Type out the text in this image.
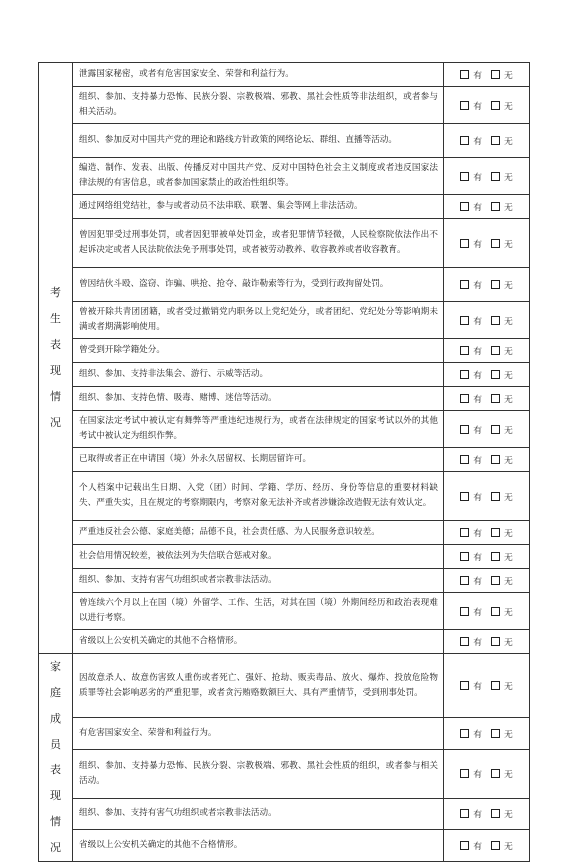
考生表现情况	泄露国家秘密，或者有危害国家安全、荣誉和利益行为。	有 无
	组织、参加、支持暴力恐怖、民族分裂、宗教极端、邪教、黑社会性质等非法组织，或者参与相关活动。	有 无
	组织、参加反对中国共产党的理论和路线方针政策的网络论坛、群组、直播等活动。	有 无
	编造、制作、发表、出版、传播反对中国共产党、反对中国特色社会主义制度或者违反国家法律法规的有害信息，或者参加国家禁止的政治性组织等。	有 无
	通过网络组党结社，参与或者动员不法串联、联署、集会等网上非法活动。	有 无
	曾因犯罪受过刑事处罚，或者因犯罪被单处罚金，或者犯罪情节轻微，人民检察院依法作出不起诉决定或者人民法院依法免予刑事处罚，或者被劳动教养、收容教养或者收容教育。	有 无
	曾因结伙斗殴、盗窃、诈骗、哄抢、抢夺、敲诈勒索等行为，受到行政拘留处罚。	有 无
	曾被开除共青团团籍，或者受过撤销党内职务以上党纪处分，或者团纪、党纪处分等影响期未满或者期满影响使用。	有 无
	曾受到开除学籍处分。	有 无
	组织、参加、支持非法集会、游行、示威等活动。	有 无
	组织、参加、支持色情、吸毒、赌博、迷信等活动。	有 无
	在国家法定考试中被认定有舞弊等严重违纪违规行为，或者在法律规定的国家考试以外的其他考试中被认定为组织作弊。	有 无
	已取得或者正在申请国（境）外永久居留权、长期居留许可。	有 无
	个人档案中记载出生日期、入党（团）时间、学籍、学历、经历、身份等信息的重要材料缺失、严重失实，且在规定的考察期限内，考察对象无法补齐或者涉嫌涂改造假无法有效认定。	有 无
	严重违反社会公德、家庭美德；品德不良，社会责任感、为人民服务意识较差。	有 无
	社会信用情况较差，被依法列为失信联合惩戒对象。	有 无
	组织、参加、支持有害气功组织或者宗教非法活动。	有 无
	曾连续六个月以上在国（境）外留学、工作、生活，对其在国（境）外期间经历和政治表现难以进行考察。	有 无
	省级以上公安机关确定的其他不合格情形。	有 无
家庭成员表现情况	因故意杀人、故意伤害致人重伤或者死亡、强奸、抢劫、贩卖毒品、放火、爆炸、投放危险物质罪等社会影响恶劣的严重犯罪，或者贪污贿赂数额巨大、具有严重情节，受到刑事处罚。	有 无
	有危害国家安全、荣誉和利益行为。	有 无
	组织、参加、支持暴力恐怖、民族分裂、宗教极端、邪教、黑社会性质的组织，或者参与相关活动。	有 无
	组织、参加、支持有害气功组织或者宗教非法活动。	有 无
	省级以上公安机关确定的其他不合格情形。	有 无
